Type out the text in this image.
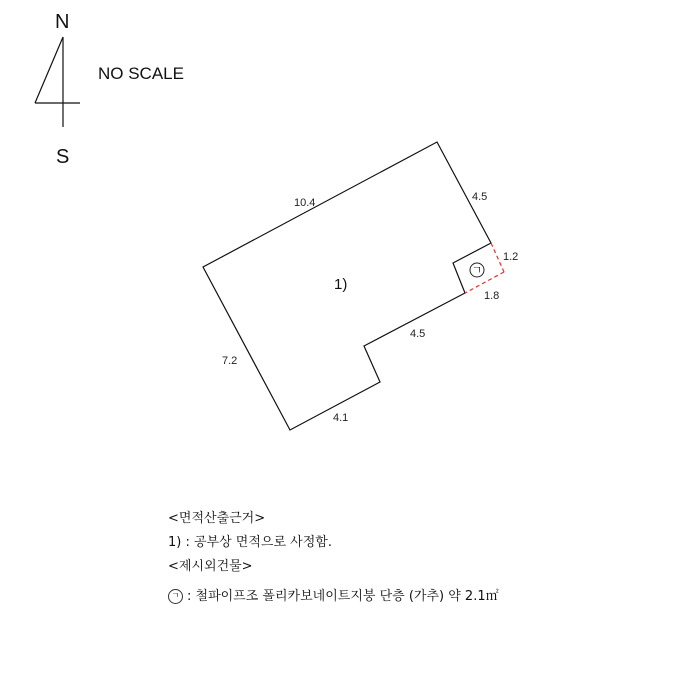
N
S
NO SCALE
ㄱ
1)
10.4	4.5
1.2
1.8
4.5
7.2
4.1
<면적산출근거>
1) : 공부상 면적으로 사정함.
<제시외건물>
ㄱ : 철파이프조 폴리카보네이트지붕 단층 (가추) 약 2.1㎡
